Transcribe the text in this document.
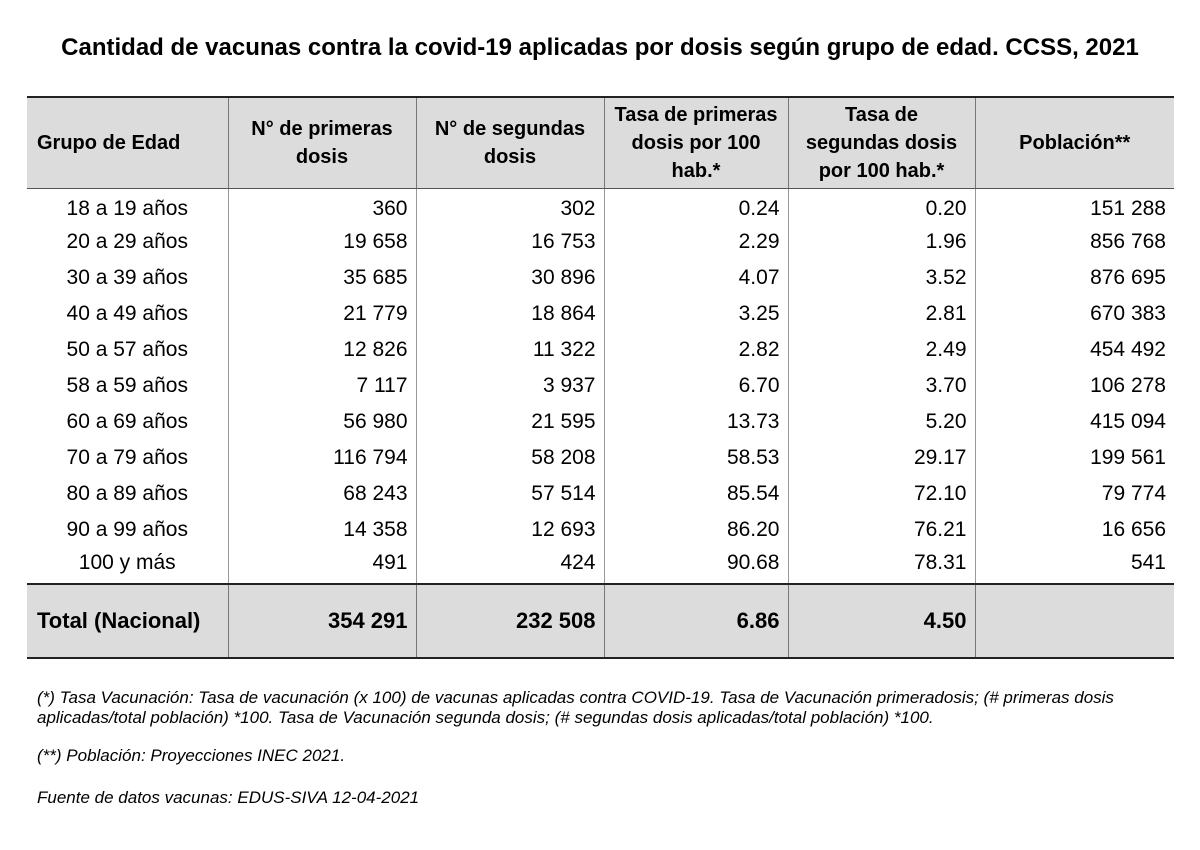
Cantidad de vacunas contra la covid-19 aplicadas por dosis según grupo de edad. CCSS, 2021
Grupo de Edad	N° de primeras dosis	N° de segundas dosis	Tasa de primeras dosis por 100 hab.*	Tasa de segundas dosis por 100 hab.*	Población**
18 a 19 años	360	302	0.24	0.20	151 288
20 a 29 años	19 658	16 753	2.29	1.96	856 768
30 a 39 años	35 685	30 896	4.07	3.52	876 695
40 a 49 años	21 779	18 864	3.25	2.81	670 383
50 a 57 años	12 826	11 322	2.82	2.49	454 492
58 a 59 años	7 117	3 937	6.70	3.70	106 278
60 a 69 años	56 980	21 595	13.73	5.20	415 094
70 a 79 años	116 794	58 208	58.53	29.17	199 561
80 a 89 años	68 243	57 514	85.54	72.10	79 774
90 a 99 años	14 358	12 693	86.20	76.21	16 656
100 y más	491	424	90.68	78.31	541
Total (Nacional)	354 291	232 508	6.86	4.50	

(*) Tasa Vacunación: Tasa de vacunación (x 100) de vacunas aplicadas contra COVID-19. Tasa de Vacunación primeradosis; (# primeras dosis aplicadas/total población) *100. Tasa de Vacunación segunda dosis; (# segundas dosis aplicadas/total población) *100.

(**) Población: Proyecciones INEC 2021.

Fuente de datos vacunas: EDUS-SIVA 12-04-2021
